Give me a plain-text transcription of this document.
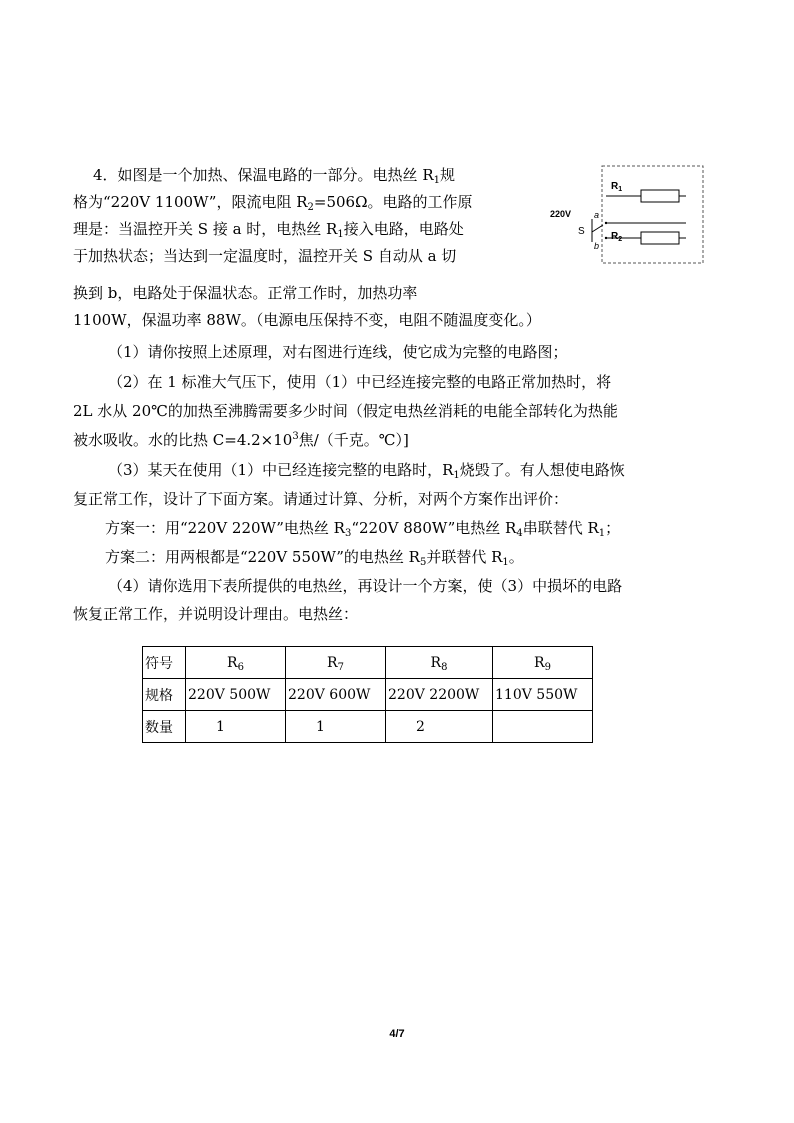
4．如图是一个加热、保温电路的一部分。电热丝 $R_1$规
格为“220V 1100W”，限流电阻 $R_2=506\Omega$。电路的工作原
理是：当温控开关 S 接 a 时，电热丝 $R_1$接入电路，电路处
于加热状态；当达到一定温度时，温控开关 S 自动从 a 切
换到 b，电路处于保温状态。正常工作时，加热功率
1100W，保温功率 88W。（电源电压保持不变，电阻不随温度变化。）
$R_1$
220V
S
a
$R_2$
b
（1）请你按照上述原理，对右图进行连线，使它成为完整的电路图；
（2）在 1 标准大气压下，使用（1）中已经连接完整的电路正常加热时，将
2L 水从 20℃的加热至沸腾需要多少时间（假定电热丝消耗的电能全部转化为热能
被水吸收。水的比热 $C=4.2\times 10^3$焦/（千克。℃）]
（3）某天在使用（1）中已经连接完整的电路时，$R_1$烧毁了。有人想使电路恢
复正常工作，设计了下面方案。请通过计算、分析，对两个方案作出评价：
方案一：用“220V 220W”电热丝 $R_3“220V$ 880W”电热丝 $R_4$串联替代 $R_1$；
方案二：用两根都是“220V 550W”的电热丝 $R_5$并联替代 $R_1$。
（4）请你选用下表所提供的电热丝，再设计一个方案，使（3）中损坏的电路
恢复正常工作，并说明设计理由。电热丝：
符号	$R_6$	$R_7$	$R_8$	$R_9$
规格	220V 500W	220V 600W	220V 2200W	110V 550W
数量	1	1	2	
4/7
